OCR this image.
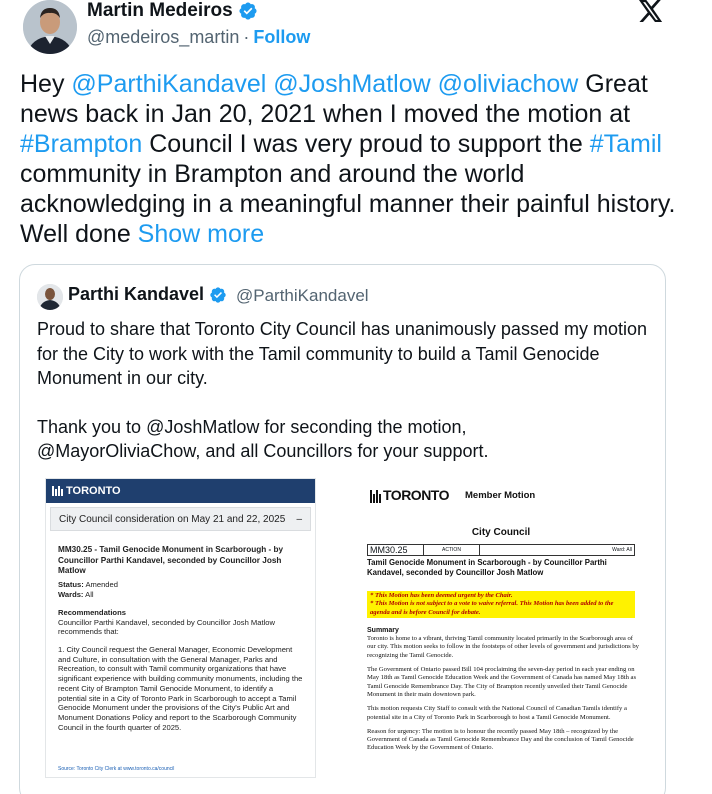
Martin Medeiros
@medeiros_martin · Follow
Hey @ParthiKandavel @JoshMatlow @oliviachow Great news back in Jan 20, 2021 when I moved the motion at #Brampton Council I was very proud to support the #Tamil community in Brampton and around the world acknowledging in a meaningful manner their painful history. Well done Show more
Parthi Kandavel @ParthiKandavel

Proud to share that Toronto City Council has unanimously passed my motion for the City to work with the Tamil community to build a Tamil Genocide Monument in our city.

Thank you to @JoshMatlow for seconding the motion,

@MayorOliviaChow, and all Councillors for your support.

TORONTO
City Council consideration on May 21 and 22, 2025 –
MM30.25 - Tamil Genocide Monument in Scarborough - by Councillor Parthi Kandavel, seconded by Councillor Josh Matlow
Status: Amended
Wards: All
Recommendations
Councillor Parthi Kandavel, seconded by Councillor Josh Matlow recommends that:
1. City Council request the General Manager, Economic Development and Culture, in consultation with the General Manager, Parks and Recreation, to consult with Tamil community organizations that have significant experience with building community monuments, including the recent City of Brampton Tamil Genocide Monument, to identify a potential site in a City of Toronto Park in Scarborough to accept a Tamil Genocide Monument under the provisions of the City's Public Art and Monument Donations Policy and report to the Scarborough Community Council in the fourth quarter of 2025.
Source: Toronto City Clerk at www.toronto.ca/council
TORONTO Member Motion
City Council
MM30.25	ACTION	Ward: All
Tamil Genocide Monument in Scarborough - by Councillor Parthi Kandavel, seconded by Councillor Josh Matlow
* This Motion has been deemed urgent by the Chair.
* This Motion is not subject to a vote to waive referral. This Motion has been added to the agenda and is before Council for debate.
Summary
Toronto is home to a vibrant, thriving Tamil community located primarily in the Scarborough area of our city. This motion seeks to follow in the footsteps of other levels of government and jurisdictions by recognizing the Tamil Genocide.
The Government of Ontario passed Bill 104 proclaiming the seven-day period in each year ending on May 18th as Tamil Genocide Education Week and the Government of Canada has named May 18th as Tamil Genocide Remembrance Day. The City of Brampton recently unveiled their Tamil Genocide Monument in their main downtown park.
This motion requests City Staff to consult with the National Council of Canadian Tamils identify a potential site in a City of Toronto Park in Scarborough to host a Tamil Genocide Monument.
Reason for urgency: The motion is to honour the recently passed May 18th – recognized by the Government of Canada as Tamil Genocide Remembrance Day and the conclusion of Tamil Genocide Education Week by the Government of Ontario.
